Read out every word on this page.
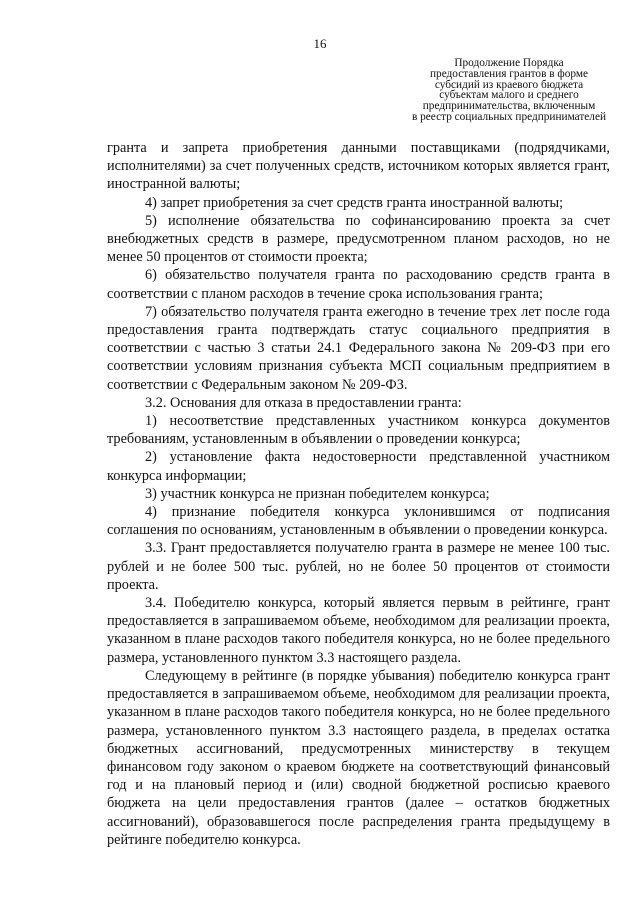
16
Продолжение Порядка
предоставления грантов в форме
субсидий из краевого бюджета
субъектам малого и среднего
предпринимательства, включенным
в реестр социальных предпринимателей

гранта и запрета приобретения данными поставщиками (подрядчиками, исполнителями) за счет полученных средств, источником которых является грант, иностранной валюты;

4) запрет приобретения за счет средств гранта иностранной валюты;

5) исполнение обязательства по софинансированию проекта за счет внебюджетных средств в размере, предусмотренном планом расходов, но не менее 50 процентов от стоимости проекта;

6) обязательство получателя гранта по расходованию средств гранта в соответствии с планом расходов в течение срока использования гранта;

7) обязательство получателя гранта ежегодно в течение трех лет после года предоставления гранта подтверждать статус социального предприятия в соответствии с частью 3 статьи 24.1 Федерального закона № 209-ФЗ при его соответствии условиям признания субъекта МСП социальным предприятием в соответствии с Федеральным законом № 209-ФЗ.

3.2. Основания для отказа в предоставлении гранта:

1) несоответствие представленных участником конкурса документов требованиям, установленным в объявлении о проведении конкурса;

2) установление факта недостоверности представленной участником конкурса информации;

3) участник конкурса не признан победителем конкурса;

4) признание победителя конкурса уклонившимся от подписания соглашения по основаниям, установленным в объявлении о проведении конкурса.

3.3. Грант предоставляется получателю гранта в размере не менее 100 тыс. рублей и не более 500 тыс. рублей, но не более 50 процентов от стоимости проекта.

3.4. Победителю конкурса, который является первым в рейтинге, грант предоставляется в запрашиваемом объеме, необходимом для реализации проекта, указанном в плане расходов такого победителя конкурса, но не более предельного размера, установленного пунктом 3.3 настоящего раздела.

Следующему в рейтинге (в порядке убывания) победителю конкурса грант предоставляется в запрашиваемом объеме, необходимом для реализации проекта, указанном в плане расходов такого победителя конкурса, но не более предельного размера, установленного пунктом 3.3 настоящего раздела, в пределах остатка бюджетных ассигнований, предусмотренных министерству в текущем финансовом году законом о краевом бюджете на соответствующий финансовый год и на плановый период и (или) сводной бюджетной росписью краевого бюджета на цели предоставления грантов (далее – остатков бюджетных ассигнований), образовавшегося после распределения гранта предыдущему в рейтинге победителю конкурса.
